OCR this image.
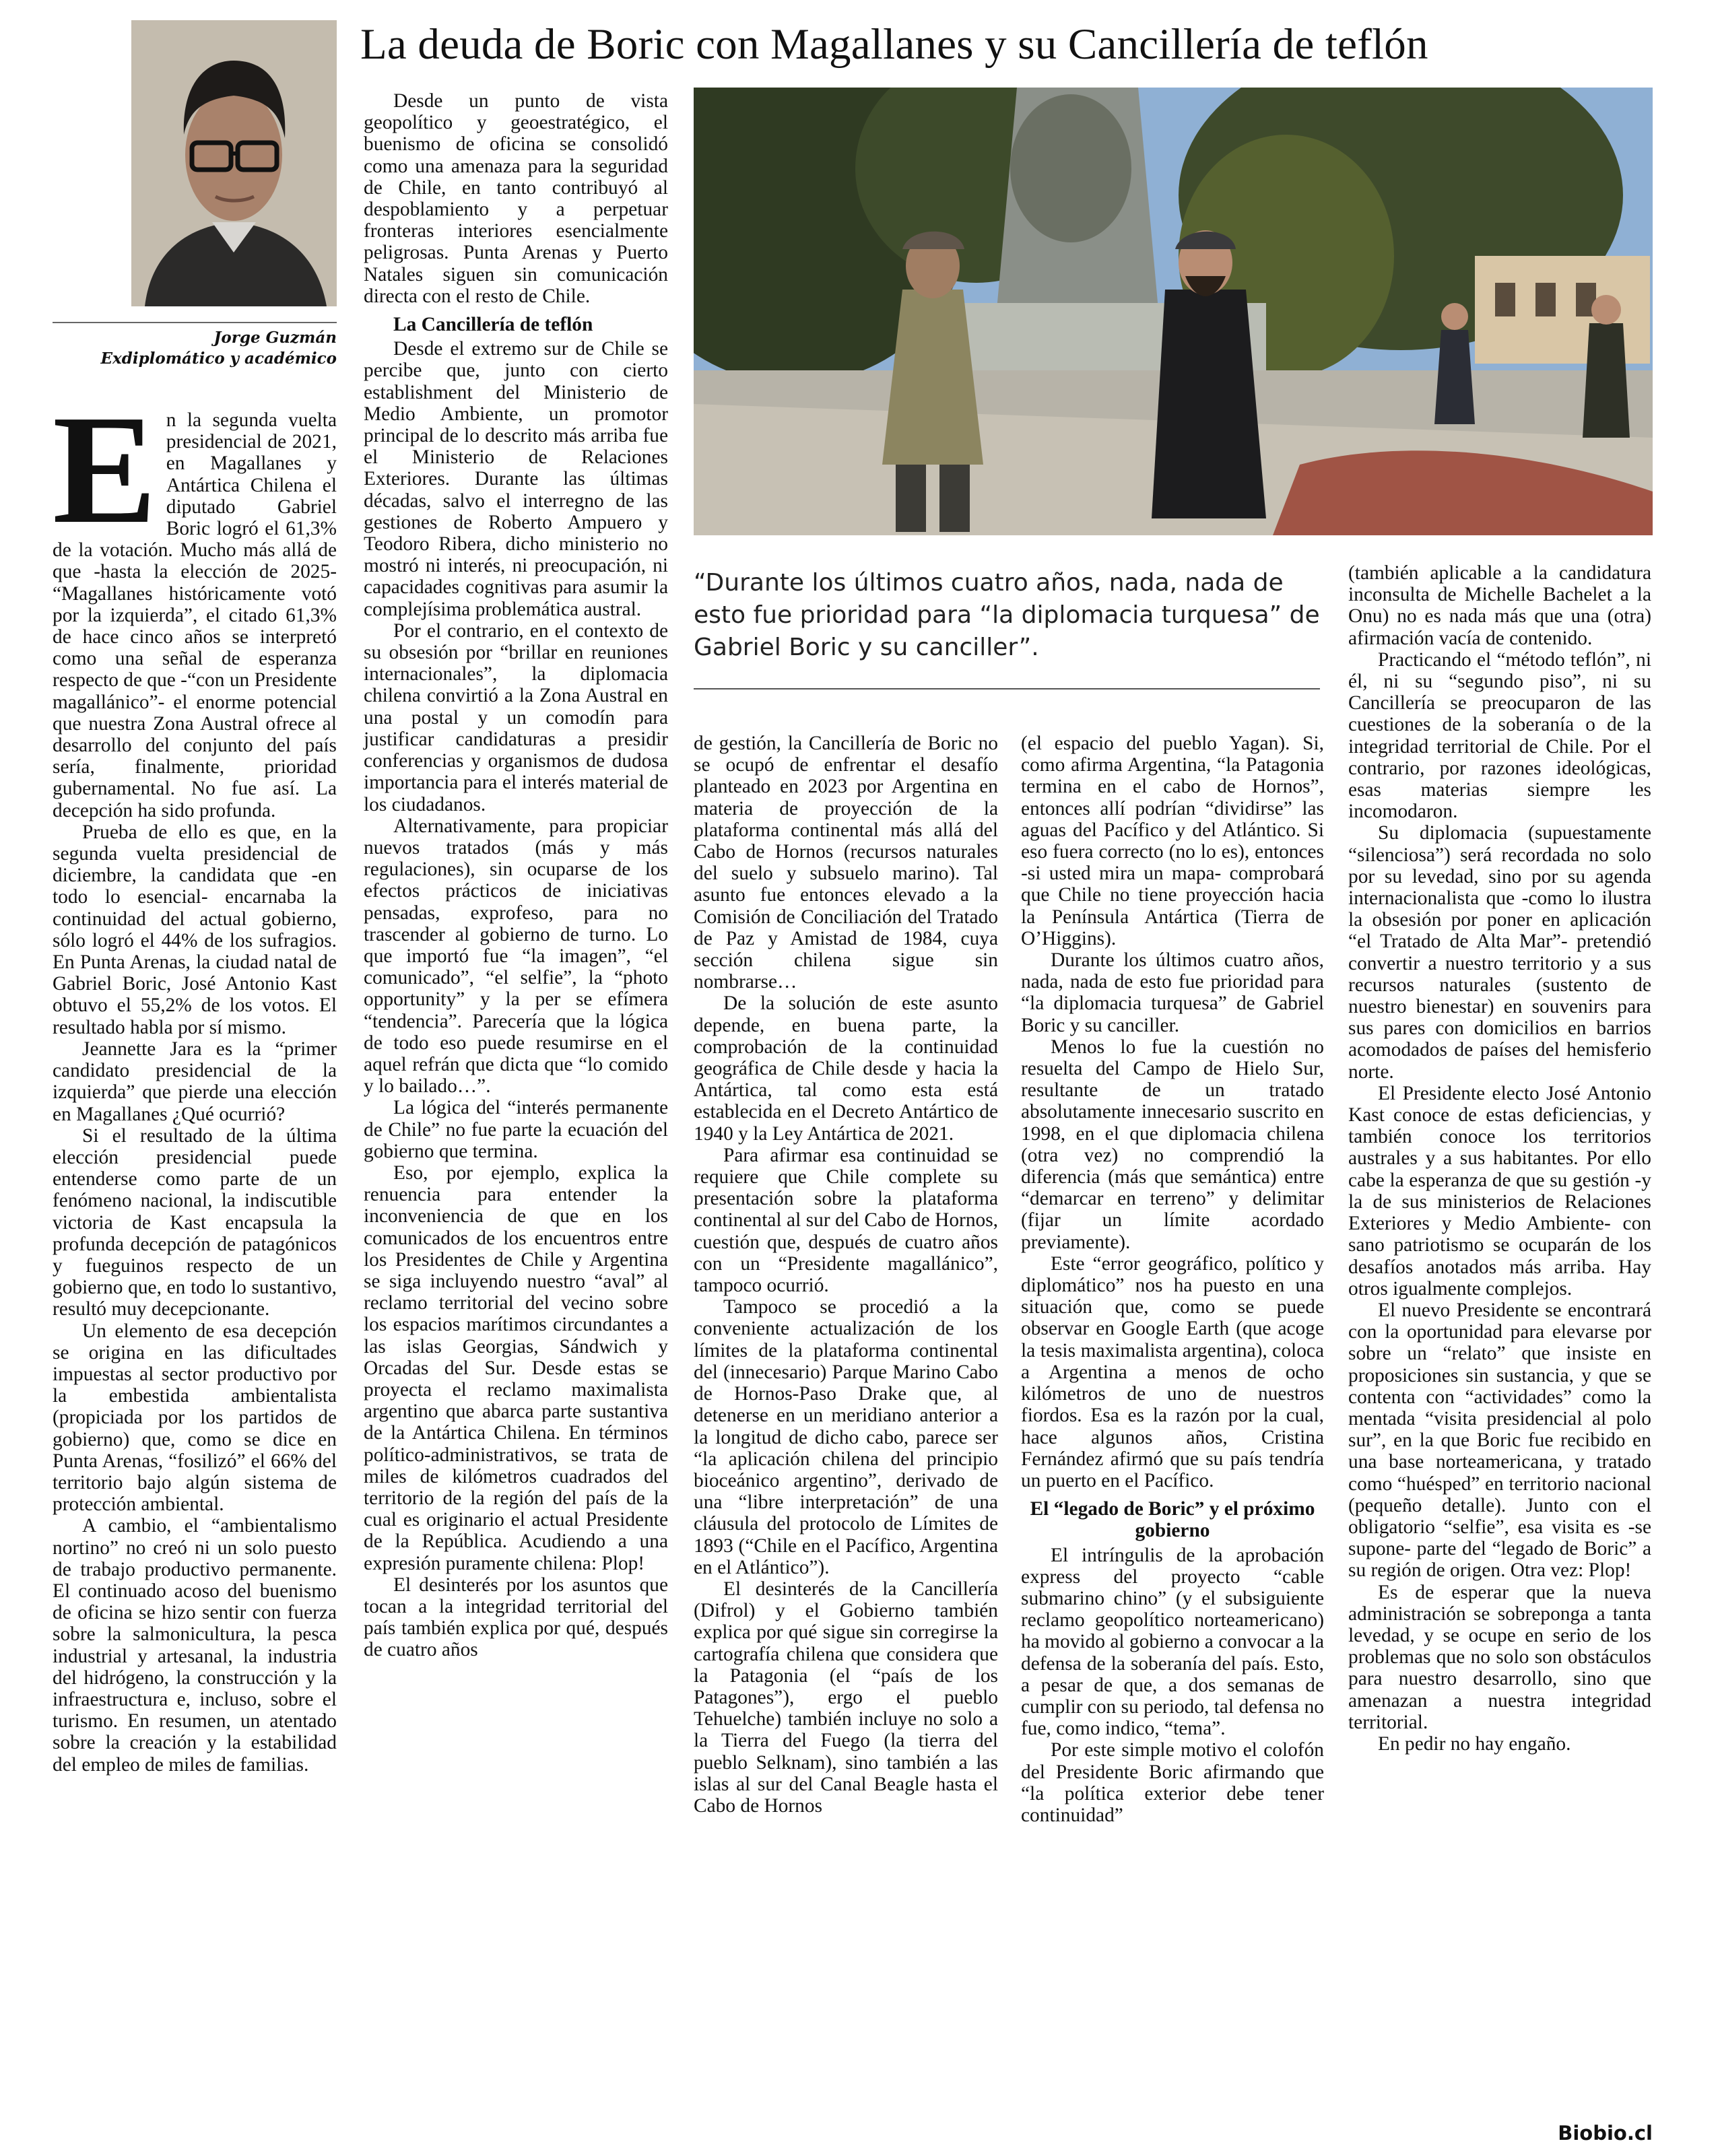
La deuda de Boric con Magallanes y su Cancillería de teflón
Jorge Guzmán
Exdiplomático y académico
“Durante los últimos cuatro años, nada, nada de esto fue prioridad para “la diplomacia turquesa” de Gabriel Boric y su canciller”.
E n la segunda vuelta presidencial de 2021, en Magallanes y Antártica Chilena el diputado Gabriel Boric logró el 61,3% de la votación. Mucho más allá de que -hasta la elección de 2025- “Magallanes históricamente votó por la izquierda”, el citado 61,3% de hace cinco años se interpretó como una señal de esperanza respecto de que -“con un Presidente magallánico”- el enorme potencial que nuestra Zona Austral ofrece al desarrollo del conjunto del país sería, finalmente, prioridad gubernamental. No fue así. La decepción ha sido profunda.

Prueba de ello es que, en la segunda vuelta presidencial de diciembre, la candidata que -en todo lo esencial- encarnaba la continuidad del actual gobierno, sólo logró el 44% de los sufragios. En Punta Arenas, la ciudad natal de Gabriel Boric, José Antonio Kast obtuvo el 55,2% de los votos. El resultado habla por sí mismo.

Jeannette Jara es la “primer candidato presidencial de la izquierda” que pierde una elección en Magallanes ¿Qué ocurrió?

Si el resultado de la última elección presidencial puede entenderse como parte de un fenómeno nacional, la indiscutible victoria de Kast encapsula la profunda decepción de patagónicos y fueguinos respecto de un gobierno que, en todo lo sustantivo, resultó muy decepcionante.

Un elemento de esa decepción se origina en las dificultades impuestas al sector productivo por la embestida ambientalista (propiciada por los partidos de gobierno) que, como se dice en Punta Arenas, “fosilizó” el 66% del territorio bajo algún sistema de protección ambiental.

A cambio, el “ambientalismo nortino” no creó ni un solo puesto de trabajo productivo permanente. El continuado acoso del buenismo de oficina se hizo sentir con fuerza sobre la salmonicultura, la pesca industrial y artesanal, la industria del hidrógeno, la construcción y la infraestructura e, incluso, sobre el turismo. En resumen, un atentado sobre la creación y la estabilidad del empleo de miles de familias.

Desde un punto de vista geopolítico y geoestratégico, el buenismo de oficina se consolidó como una amenaza para la seguridad de Chile, en tanto contribuyó al despoblamiento y a perpetuar fronteras interiores esencialmente peligrosas. Punta Arenas y Puerto Natales siguen sin comunicación directa con el resto de Chile.

La Cancillería de teflón

Desde el extremo sur de Chile se percibe que, junto con cierto establishment del Ministerio de Medio Ambiente, un promotor principal de lo descrito más arriba fue el Ministerio de Relaciones Exteriores. Durante las últimas décadas, salvo el interregno de las gestiones de Roberto Ampuero y Teodoro Ribera, dicho ministerio no mostró ni interés, ni preocupación, ni capacidades cognitivas para asumir la complejísima problemática austral.

Por el contrario, en el contexto de su obsesión por “brillar en reuniones internacionales”, la diplomacia chilena convirtió a la Zona Austral en una postal y un comodín para justificar candidaturas a presidir conferencias y organismos de dudosa importancia para el interés material de los ciudadanos.

Alternativamente, para propiciar nuevos tratados (más y más regulaciones), sin ocuparse de los efectos prácticos de iniciativas pensadas, exprofeso, para no trascender al gobierno de turno. Lo que importó fue “la imagen”, “el comunicado”, “el selfie”, la “photo opportunity” y la per se efímera “tendencia”. Parecería que la lógica de todo eso puede resumirse en el aquel refrán que dicta que “lo comido y lo bailado…”.

La lógica del “interés permanente de Chile” no fue parte la ecuación del gobierno que termina.

Eso, por ejemplo, explica la renuencia para entender la inconveniencia de que en los comunicados de los encuentros entre los Presidentes de Chile y Argentina se siga incluyendo nuestro “aval” al reclamo territorial del vecino sobre los espacios marítimos circundantes a las islas Georgias, Sándwich y Orcadas del Sur. Desde estas se proyecta el reclamo maximalista argentino que abarca parte sustantiva de la Antártica Chilena. En términos político-administrativos, se trata de miles de kilómetros cuadrados del territorio de la región del país de la cual es originario el actual Presidente de la República. Acudiendo a una expresión puramente chilena: Plop!

El desinterés por los asuntos que tocan a la integridad territorial del país también explica por qué, después de cuatro años

de gestión, la Cancillería de Boric no se ocupó de enfrentar el desafío planteado en 2023 por Argentina en materia de proyección de la plataforma continental más allá del Cabo de Hornos (recursos naturales del suelo y subsuelo marino). Tal asunto fue entonces elevado a la Comisión de Conciliación del Tratado de Paz y Amistad de 1984, cuya sección chilena sigue sin nombrarse…

De la solución de este asunto depende, en buena parte, la comprobación de la continuidad geográfica de Chile desde y hacia la Antártica, tal como esta está establecida en el Decreto Antártico de 1940 y la Ley Antártica de 2021.

Para afirmar esa continuidad se requiere que Chile complete su presentación sobre la plataforma continental al sur del Cabo de Hornos, cuestión que, después de cuatro años con un “Presidente magallánico”, tampoco ocurrió.

Tampoco se procedió a la conveniente actualización de los límites de la plataforma continental del (innecesario) Parque Marino Cabo de Hornos-Paso Drake que, al detenerse en un meridiano anterior a la longitud de dicho cabo, parece ser “la aplicación chilena del principio bioceánico argentino”, derivado de una “libre interpretación” de una cláusula del protocolo de Límites de 1893 (“Chile en el Pacífico, Argentina en el Atlántico”).

El desinterés de la Cancillería (Difrol) y el Gobierno también explica por qué sigue sin corregirse la cartografía chilena que considera que la Patagonia (el “país de los Patagones”), ergo el pueblo Tehuelche) también incluye no solo a la Tierra del Fuego (la tierra del pueblo Selknam), sino también a las islas al sur del Canal Beagle hasta el Cabo de Hornos

(el espacio del pueblo Yagan). Si, como afirma Argentina, “la Patagonia termina en el cabo de Hornos”, entonces allí podrían “dividirse” las aguas del Pacífico y del Atlántico. Si eso fuera correcto (no lo es), entonces -si usted mira un mapa- comprobará que Chile no tiene proyección hacia la Península Antártica (Tierra de O’Higgins).

Durante los últimos cuatro años, nada, nada de esto fue prioridad para “la diplomacia turquesa” de Gabriel Boric y su canciller.

Menos lo fue la cuestión no resuelta del Campo de Hielo Sur, resultante de un tratado absolutamente innecesario suscrito en 1998, en el que diplomacia chilena (otra vez) no comprendió la diferencia (más que semántica) entre “demarcar en terreno” y delimitar (fijar un límite acordado previamente).

Este “error geográfico, político y diplomático” nos ha puesto en una situación que, como se puede observar en Google Earth (que acoge la tesis maximalista argentina), coloca a Argentina a menos de ocho kilómetros de uno de nuestros fiordos. Esa es la razón por la cual, hace algunos años, Cristina Fernández afirmó que su país tendría un puerto en el Pacífico.

El “legado de Boric” y el próximo gobierno

El intríngulis de la aprobación express del proyecto “cable submarino chino” (y el subsiguiente reclamo geopolítico norteamericano) ha movido al gobierno a convocar a la defensa de la soberanía del país. Esto, a pesar de que, a dos semanas de cumplir con su periodo, tal defensa no fue, como indico, “tema”.

Por este simple motivo el colofón del Presidente Boric afirmando que “la política exterior debe tener continuidad”

(también aplicable a la candidatura inconsulta de Michelle Bachelet a la Onu) no es nada más que una (otra) afirmación vacía de contenido.

Practicando el “método teflón”, ni él, ni su “segundo piso”, ni su Cancillería se preocuparon de las cuestiones de la soberanía o de la integridad territorial de Chile. Por el contrario, por razones ideológicas, esas materias siempre les incomodaron.

Su diplomacia (supuestamente “silenciosa”) será recordada no solo por su levedad, sino por su agenda internacionalista que -como lo ilustra la obsesión por poner en aplicación “el Tratado de Alta Mar”- pretendió convertir a nuestro territorio y a sus recursos naturales (sustento de nuestro bienestar) en souvenirs para sus pares con domicilios en barrios acomodados de países del hemisferio norte.

El Presidente electo José Antonio Kast conoce de estas deficiencias, y también conoce los territorios australes y a sus habitantes. Por ello cabe la esperanza de que su gestión -y la de sus ministerios de Relaciones Exteriores y Medio Ambiente- con sano patriotismo se ocuparán de los desafíos anotados más arriba. Hay otros igualmente complejos.

El nuevo Presidente se encontrará con la oportunidad para elevarse por sobre un “relato” que insiste en proposiciones sin sustancia, y que se contenta con “actividades” como la mentada “visita presidencial al polo sur”, en la que Boric fue recibido en una base norteamericana, y tratado como “huésped” en territorio nacional (pequeño detalle). Junto con el obligatorio “selfie”, esa visita es -se supone- parte del “legado de Boric” a su región de origen. Otra vez: Plop!

Es de esperar que la nueva administración se sobreponga a tanta levedad, y se ocupe en serio de los problemas que no solo son obstáculos para nuestro desarrollo, sino que amenazan a nuestra integridad territorial.

En pedir no hay engaño.

Biobio.cl
